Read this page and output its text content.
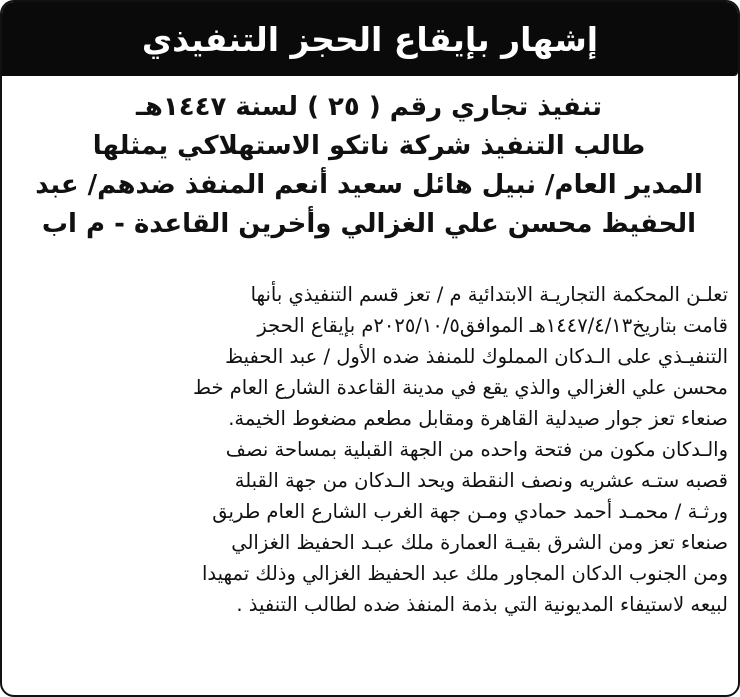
إشهار بإيقاع الحجز التنفيذي
تنفيذ تجاري رقم ( ٢٥ ) لسنة ١٤٤٧هـ
طالب التنفيذ شركة ناتكو الاستهلاكي يمثلها
المدير العام/ نبيل هائل سعيد أنعم المنفذ ضدهم/ عبد
الحفيظ محسن علي الغزالي وأخرين القاعدة - م اب
تعلـن المحكمة التجاريـة الابتدائية م / تعز قسم التنفيذي بأنها
قامت بتاريخ١٤٤٧/٤/١٣هـ الموافق٢٠٢٥/١٠/٥م بإيقاع الحجز
التنفيـذي على الـدكان المملوك للمنفذ ضده الأول / عبد الحفيظ
محسن علي الغزالي والذي يقع في مدينة القاعدة الشارع العام خط
صنعاء تعز جوار صيدلية القاهرة ومقابل مطعم مضغوط الخيمة.
والـدكان مكون من فتحة واحده من الجهة القبلية بمساحة نصف
قصبه ستـه عشريه ونصف النقطة ويحد الـدكان من جهة القبلة
ورثـة / محمـد أحمد حمادي ومـن جهة الغرب الشارع العام طريق
صنعاء تعز ومن الشرق بقيـة العمارة ملك عبـد الحفيظ الغزالي
ومن الجنوب الدكان المجاور ملك عبد الحفيظ الغزالي وذلك تمهيدا
لبيعه لاستيفاء المديونية التي بذمة المنفذ ضده لطالب التنفيذ .
